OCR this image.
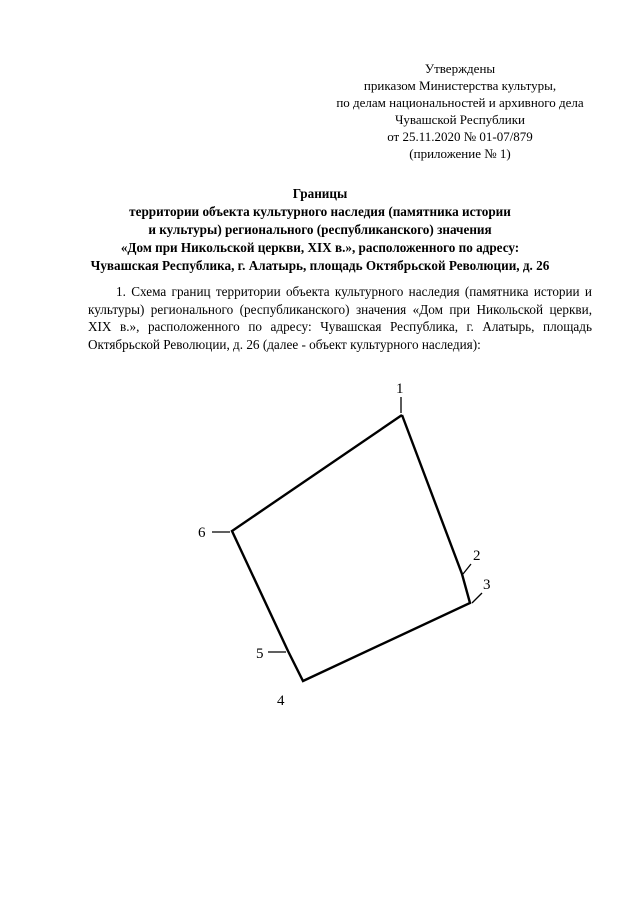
Утверждены
приказом Министерства культуры,
по делам национальностей и архивного дела
Чувашской Республики
от 25.11.2020 № 01-07/879
(приложение № 1)
Границы
территории объекта культурного наследия (памятника истории
и культуры) регионального (республиканского) значения
«Дом при Никольской церкви, XIX в.», расположенного по адресу:
Чувашская Республика, г. Алатырь, площадь Октябрьской Революции, д. 26

1. Схема границ территории объекта культурного наследия (памятника истории и культуры) регионального (республиканского) значения «Дом при Никольской церкви, XIX в.», расположенного по адресу: Чувашская Республика, г. Алатырь, площадь Октябрьской Революции, д. 26 (далее - объект культурного наследия):

1
2
3
4
5
6
